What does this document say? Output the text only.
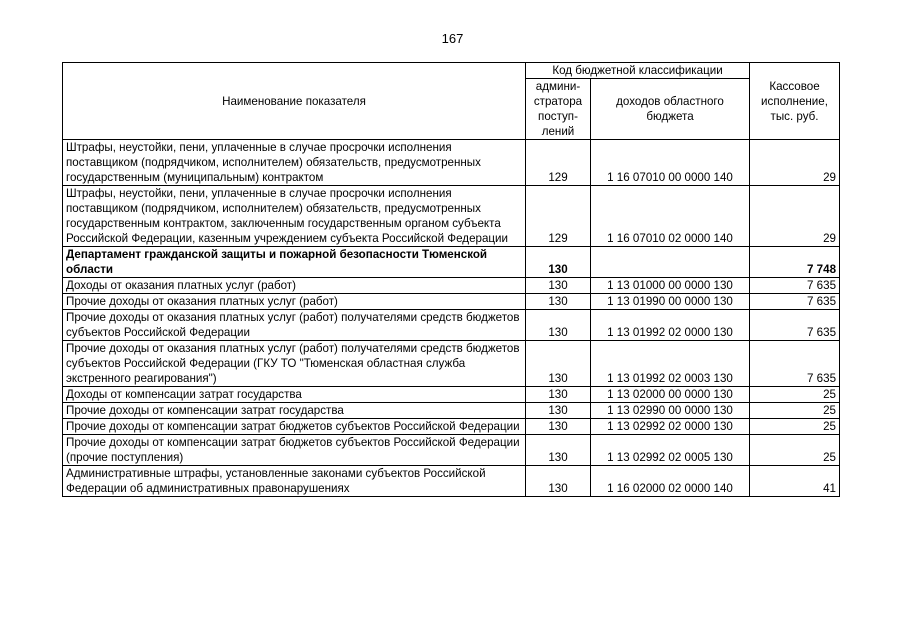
167
Наименование показателя	Код бюджетной классификации		Кассовое исполнение, тыс. руб.
	админи-стратора поступ-лений	доходов областного бюджета	
Штрафы, неустойки, пени, уплаченные в случае просрочки исполнения поставщиком (подрядчиком, исполнителем) обязательств, предусмотренных государственным (муниципальным) контрактом	129	1 16 07010 00 0000 140	29
Штрафы, неустойки, пени, уплаченные в случае просрочки исполнения поставщиком (подрядчиком, исполнителем) обязательств, предусмотренных государственным контрактом, заключенным государственным органом субъекта Российской Федерации, казенным учреждением субъекта Российской Федерации	129	1 16 07010 02 0000 140	29
Департамент гражданской защиты и пожарной безопасности Тюменской области	130		7 748
Доходы от оказания платных услуг (работ)	130	1 13 01000 00 0000 130	7 635
Прочие доходы от оказания платных услуг (работ)	130	1 13 01990 00 0000 130	7 635
Прочие доходы от оказания платных услуг (работ) получателями средств бюджетов субъектов Российской Федерации	130	1 13 01992 02 0000 130	7 635
Прочие доходы от оказания платных услуг (работ) получателями средств бюджетов субъектов Российской Федерации (ГКУ ТО "Тюменская областная служба экстренного реагирования")	130	1 13 01992 02 0003 130	7 635
Доходы от компенсации затрат государства	130	1 13 02000 00 0000 130	25
Прочие доходы от компенсации затрат государства	130	1 13 02990 00 0000 130	25
Прочие доходы от компенсации затрат бюджетов субъектов Российской Федерации	130	1 13 02992 02 0000 130	25
Прочие доходы от компенсации затрат бюджетов субъектов Российской Федерации (прочие поступления)	130	1 13 02992 02 0005 130	25
Административные штрафы, установленные законами субъектов Российской Федерации об административных правонарушениях	130	1 16 02000 02 0000 140	41
